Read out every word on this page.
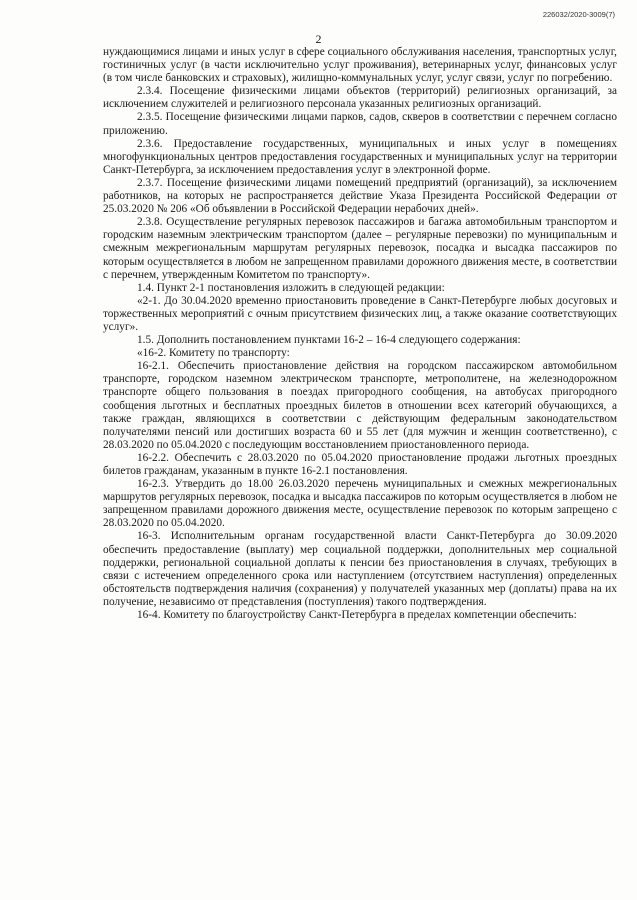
226032/2020-3009(7)
2

нуждающимися лицами и иных услуг в сфере социального обслуживания населения, транспортных услуг, гостиничных услуг (в части исключительно услуг проживания), ветеринарных услуг, финансовых услуг (в том числе банковских и страховых), жилищно-коммунальных услуг, услуг связи, услуг по погребению.

2.3.4. Посещение физическими лицами объектов (территорий) религиозных организаций, за исключением служителей и религиозного персонала указанных религиозных организаций.

2.3.5. Посещение физическими лицами парков, садов, скверов в соответствии с перечнем согласно приложению.

2.3.6. Предоставление государственных, муниципальных и иных услуг в помещениях многофункциональных центров предоставления государственных и муниципальных услуг на территории Санкт-Петербурга, за исключением предоставления услуг в электронной форме.

2.3.7. Посещение физическими лицами помещений предприятий (организаций), за исключением работников, на которых не распространяется действие Указа Президента Российской Федерации от 25.03.2020 № 206 «Об объявлении в Российской Федерации нерабочих дней».

2.3.8. Осуществление регулярных перевозок пассажиров и багажа автомобильным транспортом и городским наземным электрическим транспортом (далее – регулярные перевозки) по муниципальным и смежным межрегиональным маршрутам регулярных перевозок, посадка и высадка пассажиров по которым осуществляется в любом не запрещенном правилами дорожного движения месте, в соответствии с перечнем, утвержденным Комитетом по транспорту».

1.4. Пункт 2-1 постановления изложить в следующей редакции:

«2-1. До 30.04.2020 временно приостановить проведение в Санкт-Петербурге любых досуговых и торжественных мероприятий с очным присутствием физических лиц, а также оказание соответствующих услуг».

1.5. Дополнить постановлением пунктами 16-2 – 16-4 следующего содержания:

«16-2. Комитету по транспорту:

16-2.1. Обеспечить приостановление действия на городском пассажирском автомобильном транспорте, городском наземном электрическом транспорте, метрополитене, на железнодорожном транспорте общего пользования в поездах пригородного сообщения, на автобусах пригородного сообщения льготных и бесплатных проездных билетов в отношении всех категорий обучающихся, а также граждан, являющихся в соответствии с действующим федеральным законодательством получателями пенсий или достигших возраста 60 и 55 лет (для мужчин и женщин соответственно), с 28.03.2020 по 05.04.2020 с последующим восстановлением приостановленного периода.

16-2.2. Обеспечить с 28.03.2020 по 05.04.2020 приостановление продажи льготных проездных билетов гражданам, указанным в пункте 16-2.1 постановления.

16-2.3. Утвердить до 18.00 26.03.2020 перечень муниципальных и смежных межрегиональных маршрутов регулярных перевозок, посадка и высадка пассажиров по которым осуществляется в любом не запрещенном правилами дорожного движения месте, осуществление перевозок по которым запрещено с 28.03.2020 по 05.04.2020.

16-3. Исполнительным органам государственной власти Санкт-Петербурга до 30.09.2020 обеспечить предоставление (выплату) мер социальной поддержки, дополнительных мер социальной поддержки, региональной социальной доплаты к пенсии без приостановления в случаях, требующих в связи с истечением определенного срока или наступлением (отсутствием наступления) определенных обстоятельств подтверждения наличия (сохранения) у получателей указанных мер (доплаты) права на их получение, независимо от представления (поступления) такого подтверждения.

16-4. Комитету по благоустройству Санкт-Петербурга в пределах компетенции обеспечить:
